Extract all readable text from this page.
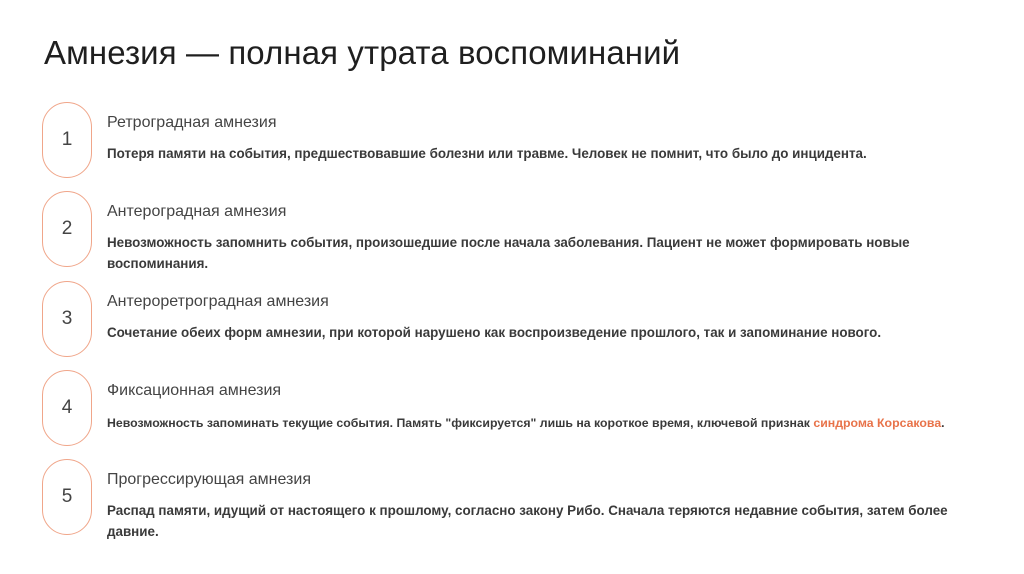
Амнезия — полная утрата воспоминаний
1
Ретроградная амнезия
Потеря памяти на события, предшествовавшие болезни или травме. Человек не помнит, что было до инцидента.
2
Антероградная амнезия
Невозможность запомнить события, произошедшие после начала заболевания. Пациент не может формировать новые воспоминания.
3
Антероретроградная амнезия
Сочетание обеих форм амнезии, при которой нарушено как воспроизведение прошлого, так и запоминание нового.
4
Фиксационная амнезия
Невозможность запоминать текущие события. Память "фиксируется" лишь на короткое время, ключевой признак синдрома Корсакова.
5
Прогрессирующая амнезия
Распад памяти, идущий от настоящего к прошлому, согласно закону Рибо. Сначала теряются недавние события, затем более давние.
